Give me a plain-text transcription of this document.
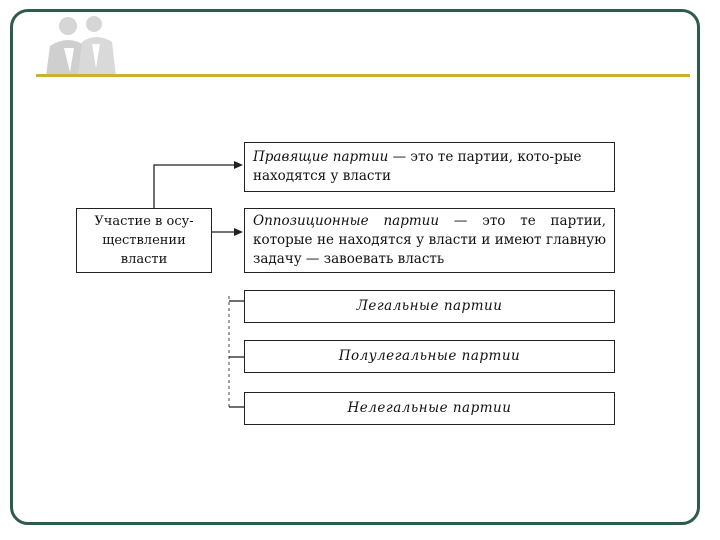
Участие в осу-ществлении власти
Правящие партии — это те партии, кото-рые находятся у власти
Оппозиционные партии — это те партии, которые не находятся у власти и имеют главную задачу — завоевать власть
Легальные партии
Полулегальные партии
Нелегальные партии
